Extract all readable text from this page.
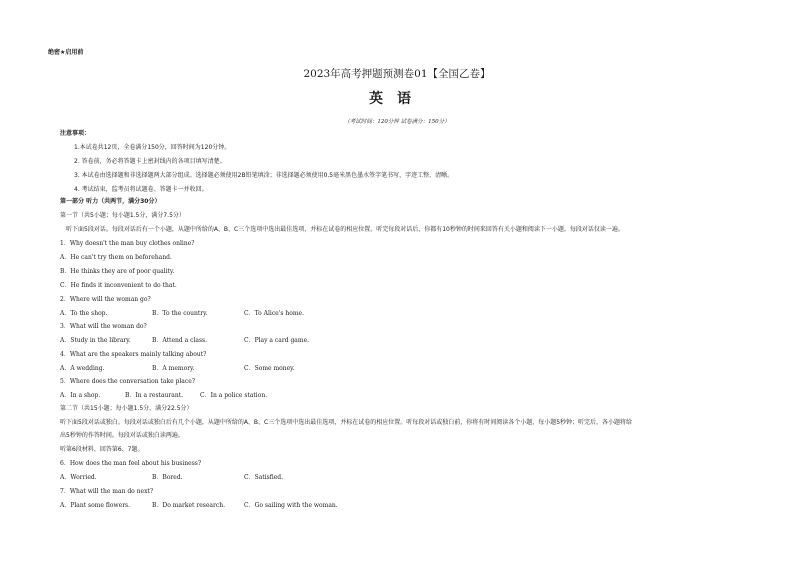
绝密★启用前
2023年高考押题预测卷01【全国乙卷】
英语
（考试时间：120分钟 试卷满分：150分）
注意事项：
1.本试卷共12页，全卷满分150分，回答时间为120分钟。
2. 答卷前，务必将答题卡上密封线内的各项目填写清楚。
3. 本试卷由选择题和非选择题两大部分组成。选择题必须使用2B铅笔填涂；非选择题必须使用0.5毫米黑色墨水签字笔书写，字迹工整、清晰。
4. 考试结束，监考员将试题卷、答题卡一并收回。
第一部分 听力（共两节，满分30分）
第一节（共5小题；每小题1.5分，满分7.5分）
听下面5段对话。每段对话后有一个小题，从题中所给的A、B、C三个选项中选出最佳选项，并标在试卷的相应位置。听完每段对话后，你都有10秒钟的时间来回答有关小题和阅读下一小题。每段对话仅读一遍。
1．Why doesn't the man buy clothes online?
A．He can't try them on beforehand.
B．He thinks they are of poor quality.
C．He finds it inconvenient to do that.
2．Where will the woman go?
A．To the shop.	B．To the country.	C．To Alice's home.
3．What will the woman do?
A．Study in the library.	B．Attend a class.	C．Play a card game.
4．What are the speakers mainly talking about?
A．A wedding.	B．A memory.	C．Some money.
5．Where does the conversation take place?
A．In a shop.	B．In a restaurant.	C．In a police station.
第二节（共15小题；每小题1.5分，满分22.5分）
听下面5段对话或独白。每段对话或独白后有几个小题，从题中所给的A、B、C三个选项中选出最佳选项，并标在试卷的相应位置。听每段对话或独白前，你将有时间阅读各个小题，每小题5秒钟；听完后，各小题将给
出5秒钟的作答时间。每段对话或独白读两遍。
听第6段材料，回答第6、7题。
6．How does the man feel about his business?
A．Worried.	B．Bored.	C．Satisfied.
7．What will the man do next?
A．Plant some flowers.	B．Do market research.	C．Go sailing with the woman.
